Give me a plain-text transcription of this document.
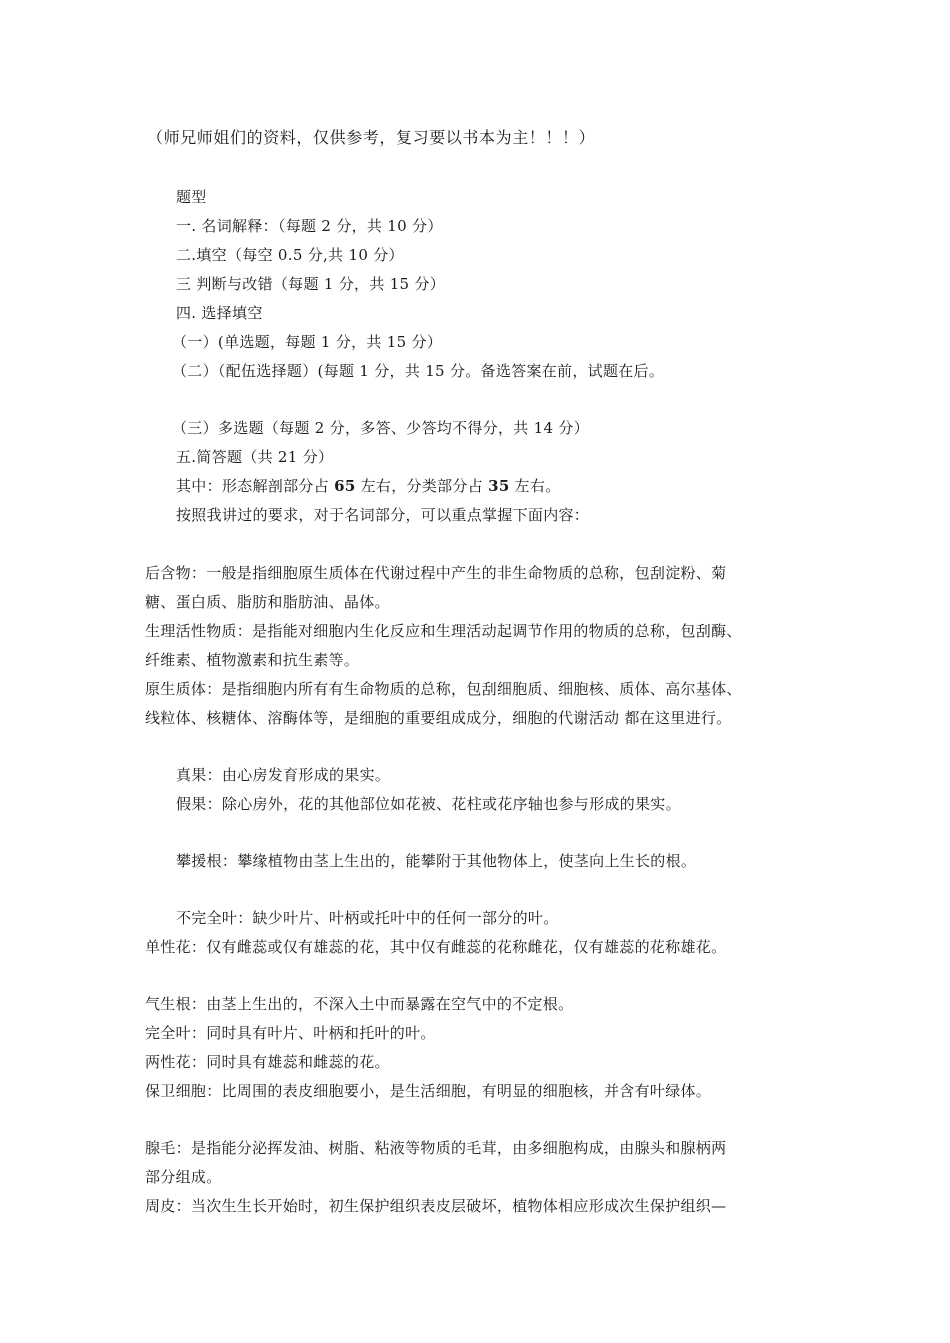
（师兄师姐们的资料，仅供参考，复习要以书本为主！！！）
题型
一. 名词解释：（每题 2 分，共 10 分）
二.填空（每空 0.5 分,共 10 分）
三 判断与改错（每题 1 分，共 15 分）
四. 选择填空
（一）(单选题，每题 1 分，共 15 分）
（二）（配伍选择题）(每题 1 分，共 15 分。备选答案在前，试题在后。
（三）多选题（每题 2 分，多答、少答均不得分，共 14 分）
五.简答题（共 21 分）
其中：形态解剖部分占 65 左右，分类部分占 35 左右。
按照我讲过的要求，对于名词部分，可以重点掌握下面内容：
后含物：一般是指细胞原生质体在代谢过程中产生的非生命物质的总称，包刮淀粉、菊
糖、蛋白质、脂肪和脂肪油、晶体。
生理活性物质：是指能对细胞内生化反应和生理活动起调节作用的物质的总称，包刮酶、
纤维素、植物激素和抗生素等。
原生质体：是指细胞内所有有生命物质的总称，包刮细胞质、细胞核、质体、高尔基体、
线粒体、核糖体、溶酶体等，是细胞的重要组成成分，细胞的代谢活动 都在这里进行。
真果：由心房发育形成的果实。
假果：除心房外，花的其他部位如花被、花柱或花序轴也参与形成的果实。
攀援根：攀缘植物由茎上生出的，能攀附于其他物体上，使茎向上生长的根。
不完全叶：缺少叶片、叶柄或托叶中的任何一部分的叶。
单性花：仅有雌蕊或仅有雄蕊的花，其中仅有雌蕊的花称雌花，仅有雄蕊的花称雄花。
气生根：由茎上生出的，不深入土中而暴露在空气中的不定根。
完全叶：同时具有叶片、叶柄和托叶的叶。
两性花：同时具有雄蕊和雌蕊的花。
保卫细胞：比周围的表皮细胞要小，是生活细胞，有明显的细胞核，并含有叶绿体。
腺毛：是指能分泌挥发油、树脂、粘液等物质的毛茸，由多细胞构成，由腺头和腺柄两
部分组成。
周皮：当次生生长开始时，初生保护组织表皮层破坏，植物体相应形成次生保护组织—
